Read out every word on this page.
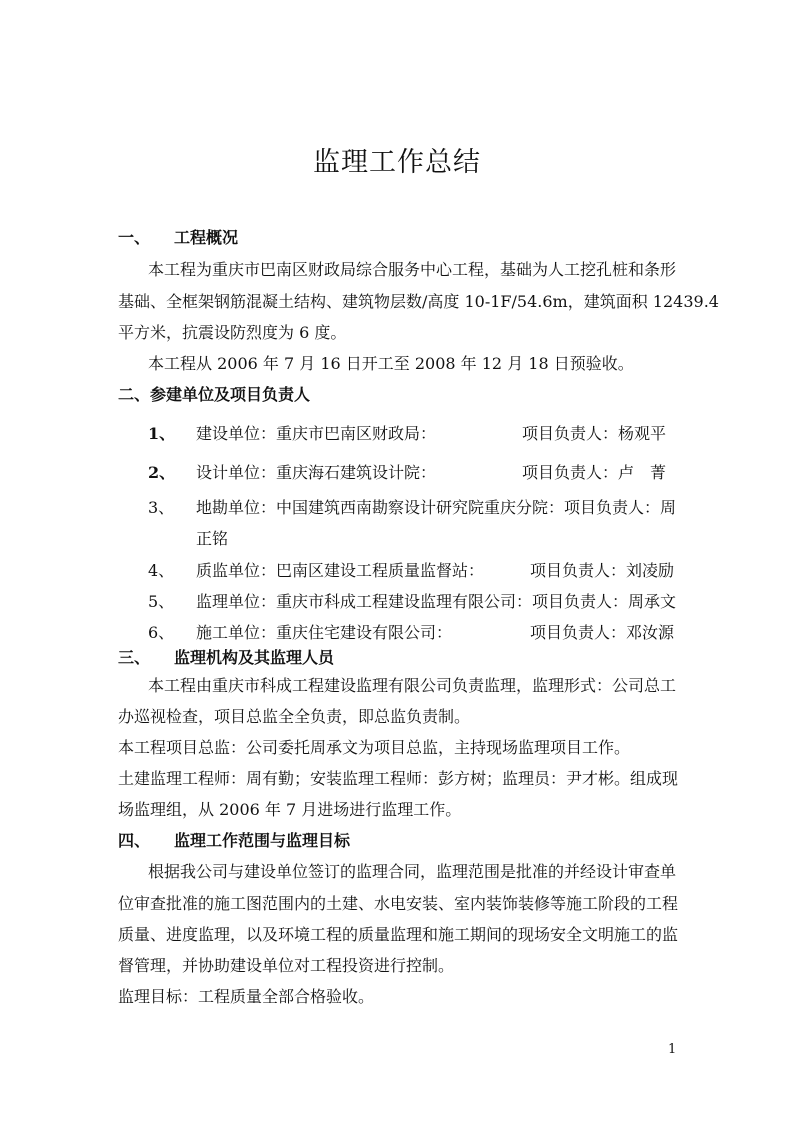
监理工作总结
一、 工程概况
本工程为重庆市巴南区财政局综合服务中心工程，基础为人工挖孔桩和条形
基础、全框架钢筋混凝土结构、建筑物层数/高度 10-1F/54.6m，建筑面积 12439.4
平方米，抗震设防烈度为 6 度。
本工程从 2006 年 7 月 16 日开工至 2008 年 12 月 18 日预验收。
二、参建单位及项目负责人
1、 建设单位：重庆市巴南区财政局：	项目负责人：杨观平
2、 设计单位：重庆海石建筑设计院：	项目负责人：卢　菁
3、 地勘单位：中国建筑西南勘察设计研究院重庆分院：项目负责人：周
正铭
4、 质监单位：巴南区建设工程质量监督站：	项目负责人：刘凌励
5、 监理单位：重庆市科成工程建设监理有限公司：项目负责人：周承文
6、 施工单位：重庆住宅建设有限公司：	项目负责人：邓汝源
三、 监理机构及其监理人员
本工程由重庆市科成工程建设监理有限公司负责监理，监理形式：公司总工
办巡视检查，项目总监全全负责，即总监负责制。
本工程项目总监：公司委托周承文为项目总监，主持现场监理项目工作。
土建监理工程师：周有勤；安装监理工程师：彭方树；监理员：尹才彬。组成现
场监理组，从 2006 年 7 月进场进行监理工作。
四、 监理工作范围与监理目标
根据我公司与建设单位签订的监理合同，监理范围是批准的并经设计审查单
位审查批准的施工图范围内的土建、水电安装、室内装饰装修等施工阶段的工程
质量、进度监理，以及环境工程的质量监理和施工期间的现场安全文明施工的监
督管理，并协助建设单位对工程投资进行控制。
监理目标：工程质量全部合格验收。
1
